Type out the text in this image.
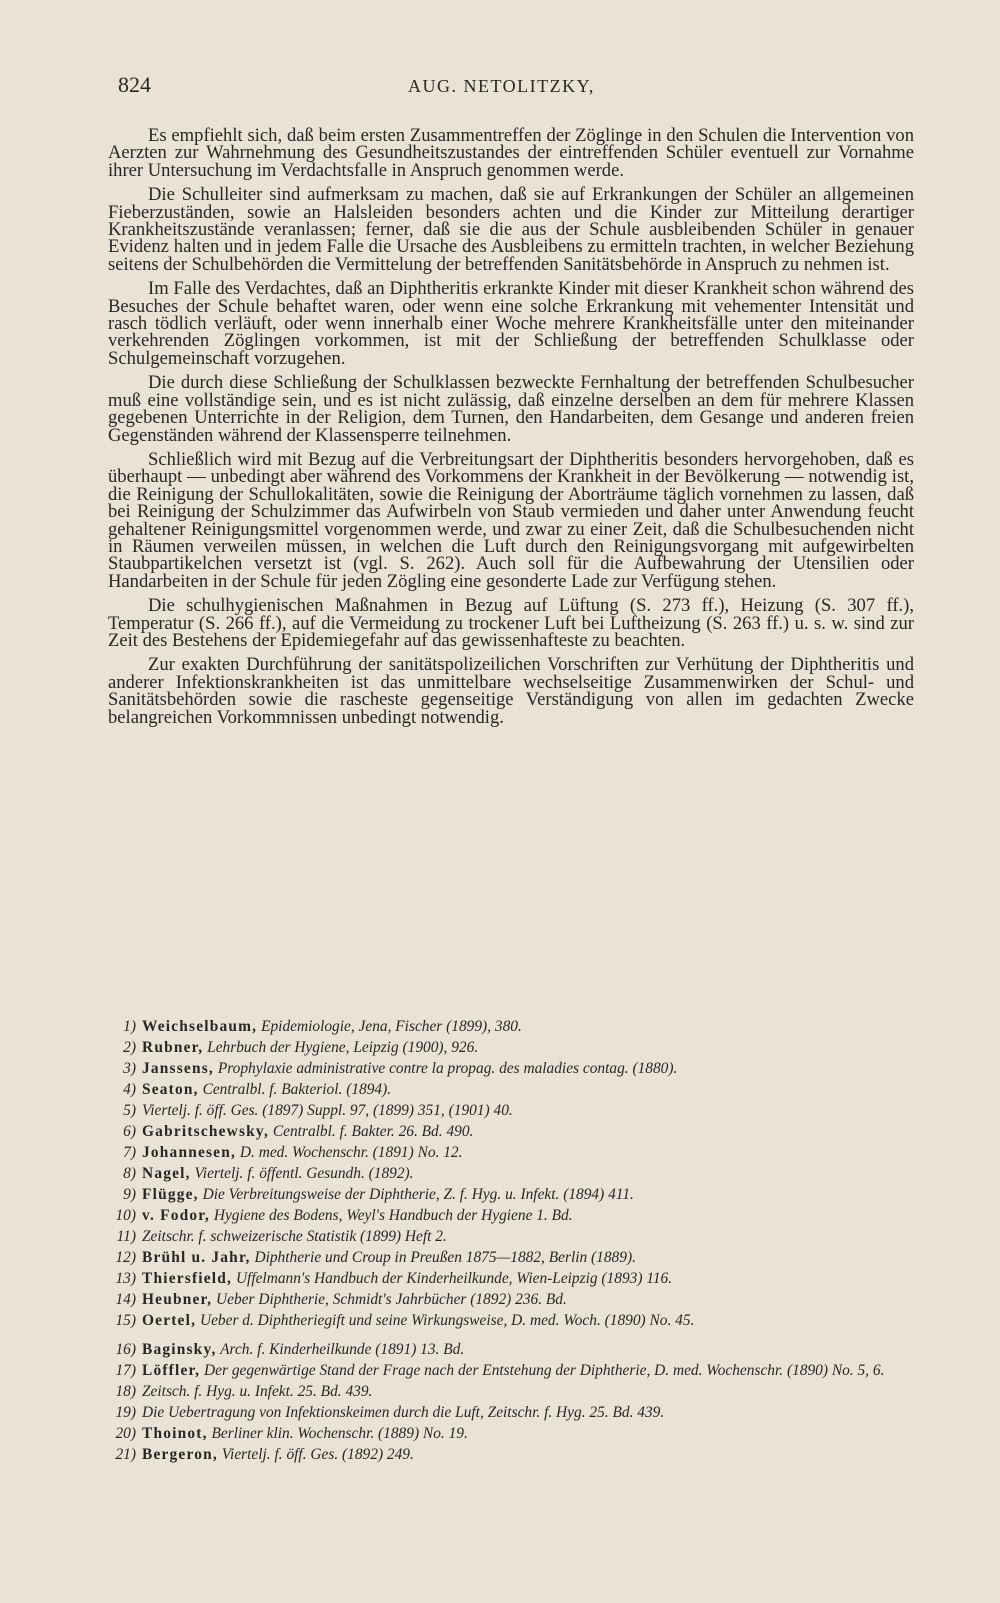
824	AUG. NETOLITZKY,

Es empfiehlt sich, daß beim ersten Zusammentreffen der Zöglinge in den Schulen die Intervention von Aerzten zur Wahrnehmung des Gesundheitszustandes der eintreffenden Schüler eventuell zur Vornahme ihrer Untersuchung im Verdachtsfalle in Anspruch genommen werde.

Die Schulleiter sind aufmerksam zu machen, daß sie auf Erkrankungen der Schüler an allgemeinen Fieberzuständen, sowie an Halsleiden besonders achten und die Kinder zur Mitteilung derartiger Krankheitszustände veranlassen; ferner, daß sie die aus der Schule ausbleibenden Schüler in genauer Evidenz halten und in jedem Falle die Ursache des Ausbleibens zu ermitteln trachten, in welcher Beziehung seitens der Schulbehörden die Vermittelung der betreffenden Sanitätsbehörde in Anspruch zu nehmen ist.

Im Falle des Verdachtes, daß an Diphtheritis erkrankte Kinder mit dieser Krankheit schon während des Besuches der Schule behaftet waren, oder wenn eine solche Erkrankung mit vehementer Intensität und rasch tödlich verläuft, oder wenn innerhalb einer Woche mehrere Krankheitsfälle unter den miteinander verkehrenden Zöglingen vorkommen, ist mit der Schließung der betreffenden Schulklasse oder Schulgemeinschaft vorzugehen.

Die durch diese Schließung der Schulklassen bezweckte Fernhaltung der betreffenden Schulbesucher muß eine vollständige sein, und es ist nicht zulässig, daß einzelne derselben an dem für mehrere Klassen gegebenen Unterrichte in der Religion, dem Turnen, den Handarbeiten, dem Gesange und anderen freien Gegenständen während der Klassensperre teilnehmen.

Schließlich wird mit Bezug auf die Verbreitungsart der Diphtheritis besonders hervorgehoben, daß es überhaupt — unbedingt aber während des Vorkommens der Krankheit in der Bevölkerung — notwendig ist, die Reinigung der Schullokalitäten, sowie die Reinigung der Aborträume täglich vornehmen zu lassen, daß bei Reinigung der Schulzimmer das Aufwirbeln von Staub vermieden und daher unter Anwendung feucht gehaltener Reinigungsmittel vorgenommen werde, und zwar zu einer Zeit, daß die Schulbesuchenden nicht in Räumen verweilen müssen, in welchen die Luft durch den Reinigungsvorgang mit aufgewirbelten Staubpartikelchen versetzt ist (vgl. S. 262). Auch soll für die Aufbewahrung der Utensilien oder Handarbeiten in der Schule für jeden Zögling eine gesonderte Lade zur Verfügung stehen.

Die schulhygienischen Maßnahmen in Bezug auf Lüftung (S. 273 ff.), Heizung (S. 307 ff.), Temperatur (S. 266 ff.), auf die Vermeidung zu trockener Luft bei Luftheizung (S. 263 ff.) u. s. w. sind zur Zeit des Bestehens der Epidemiegefahr auf das gewissenhafteste zu beachten.

Zur exakten Durchführung der sanitätspolizeilichen Vorschriften zur Verhütung der Diphtheritis und anderer Infektionskrankheiten ist das unmittelbare wechselseitige Zusammenwirken der Schul- und Sanitätsbehörden sowie die rascheste gegenseitige Verständigung von allen im gedachten Zwecke belangreichen Vorkommnissen unbedingt notwendig.

1) Weichselbaum, Epidemiologie, Jena, Fischer (1899), 380.
2) Rubner, Lehrbuch der Hygiene, Leipzig (1900), 926.
3) Janssens, Prophylaxie administrative contre la propag. des maladies contag. (1880).
4) Seaton, Centralbl. f. Bakteriol. (1894).
5) Viertelj. f. öff. Ges. (1897) Suppl. 97, (1899) 351, (1901) 40.
6) Gabritschewsky, Centralbl. f. Bakter. 26. Bd. 490.
7) Johannesen, D. med. Wochenschr. (1891) No. 12.
8) Nagel, Viertelj. f. öffentl. Gesundh. (1892).
9) Flügge, Die Verbreitungsweise der Diphtherie, Z. f. Hyg. u. Infekt. (1894) 411.
10) v. Fodor, Hygiene des Bodens, Weyl's Handbuch der Hygiene 1. Bd.
11) Zeitschr. f. schweizerische Statistik (1899) Heft 2.
12) Brühl u. Jahr, Diphtherie und Croup in Preußen 1875—1882, Berlin (1889).
13) Thiersfield, Uffelmann's Handbuch der Kinderheilkunde, Wien-Leipzig (1893) 116.
14) Heubner, Ueber Diphtherie, Schmidt's Jahrbücher (1892) 236. Bd.
15) Oertel, Ueber d. Diphtheriegift und seine Wirkungsweise, D. med. Woch. (1890) No. 45.
16) Baginsky, Arch. f. Kinderheilkunde (1891) 13. Bd.
17) Löffler, Der gegenwärtige Stand der Frage nach der Entstehung der Diphtherie, D. med. Wochenschr. (1890) No. 5, 6.
18) Zeitsch. f. Hyg. u. Infekt. 25. Bd. 439.
19) Die Uebertragung von Infektionskeimen durch die Luft, Zeitschr. f. Hyg. 25. Bd. 439.
20) Thoinot, Berliner klin. Wochenschr. (1889) No. 19.
21) Bergeron, Viertelj. f. öff. Ges. (1892) 249.
